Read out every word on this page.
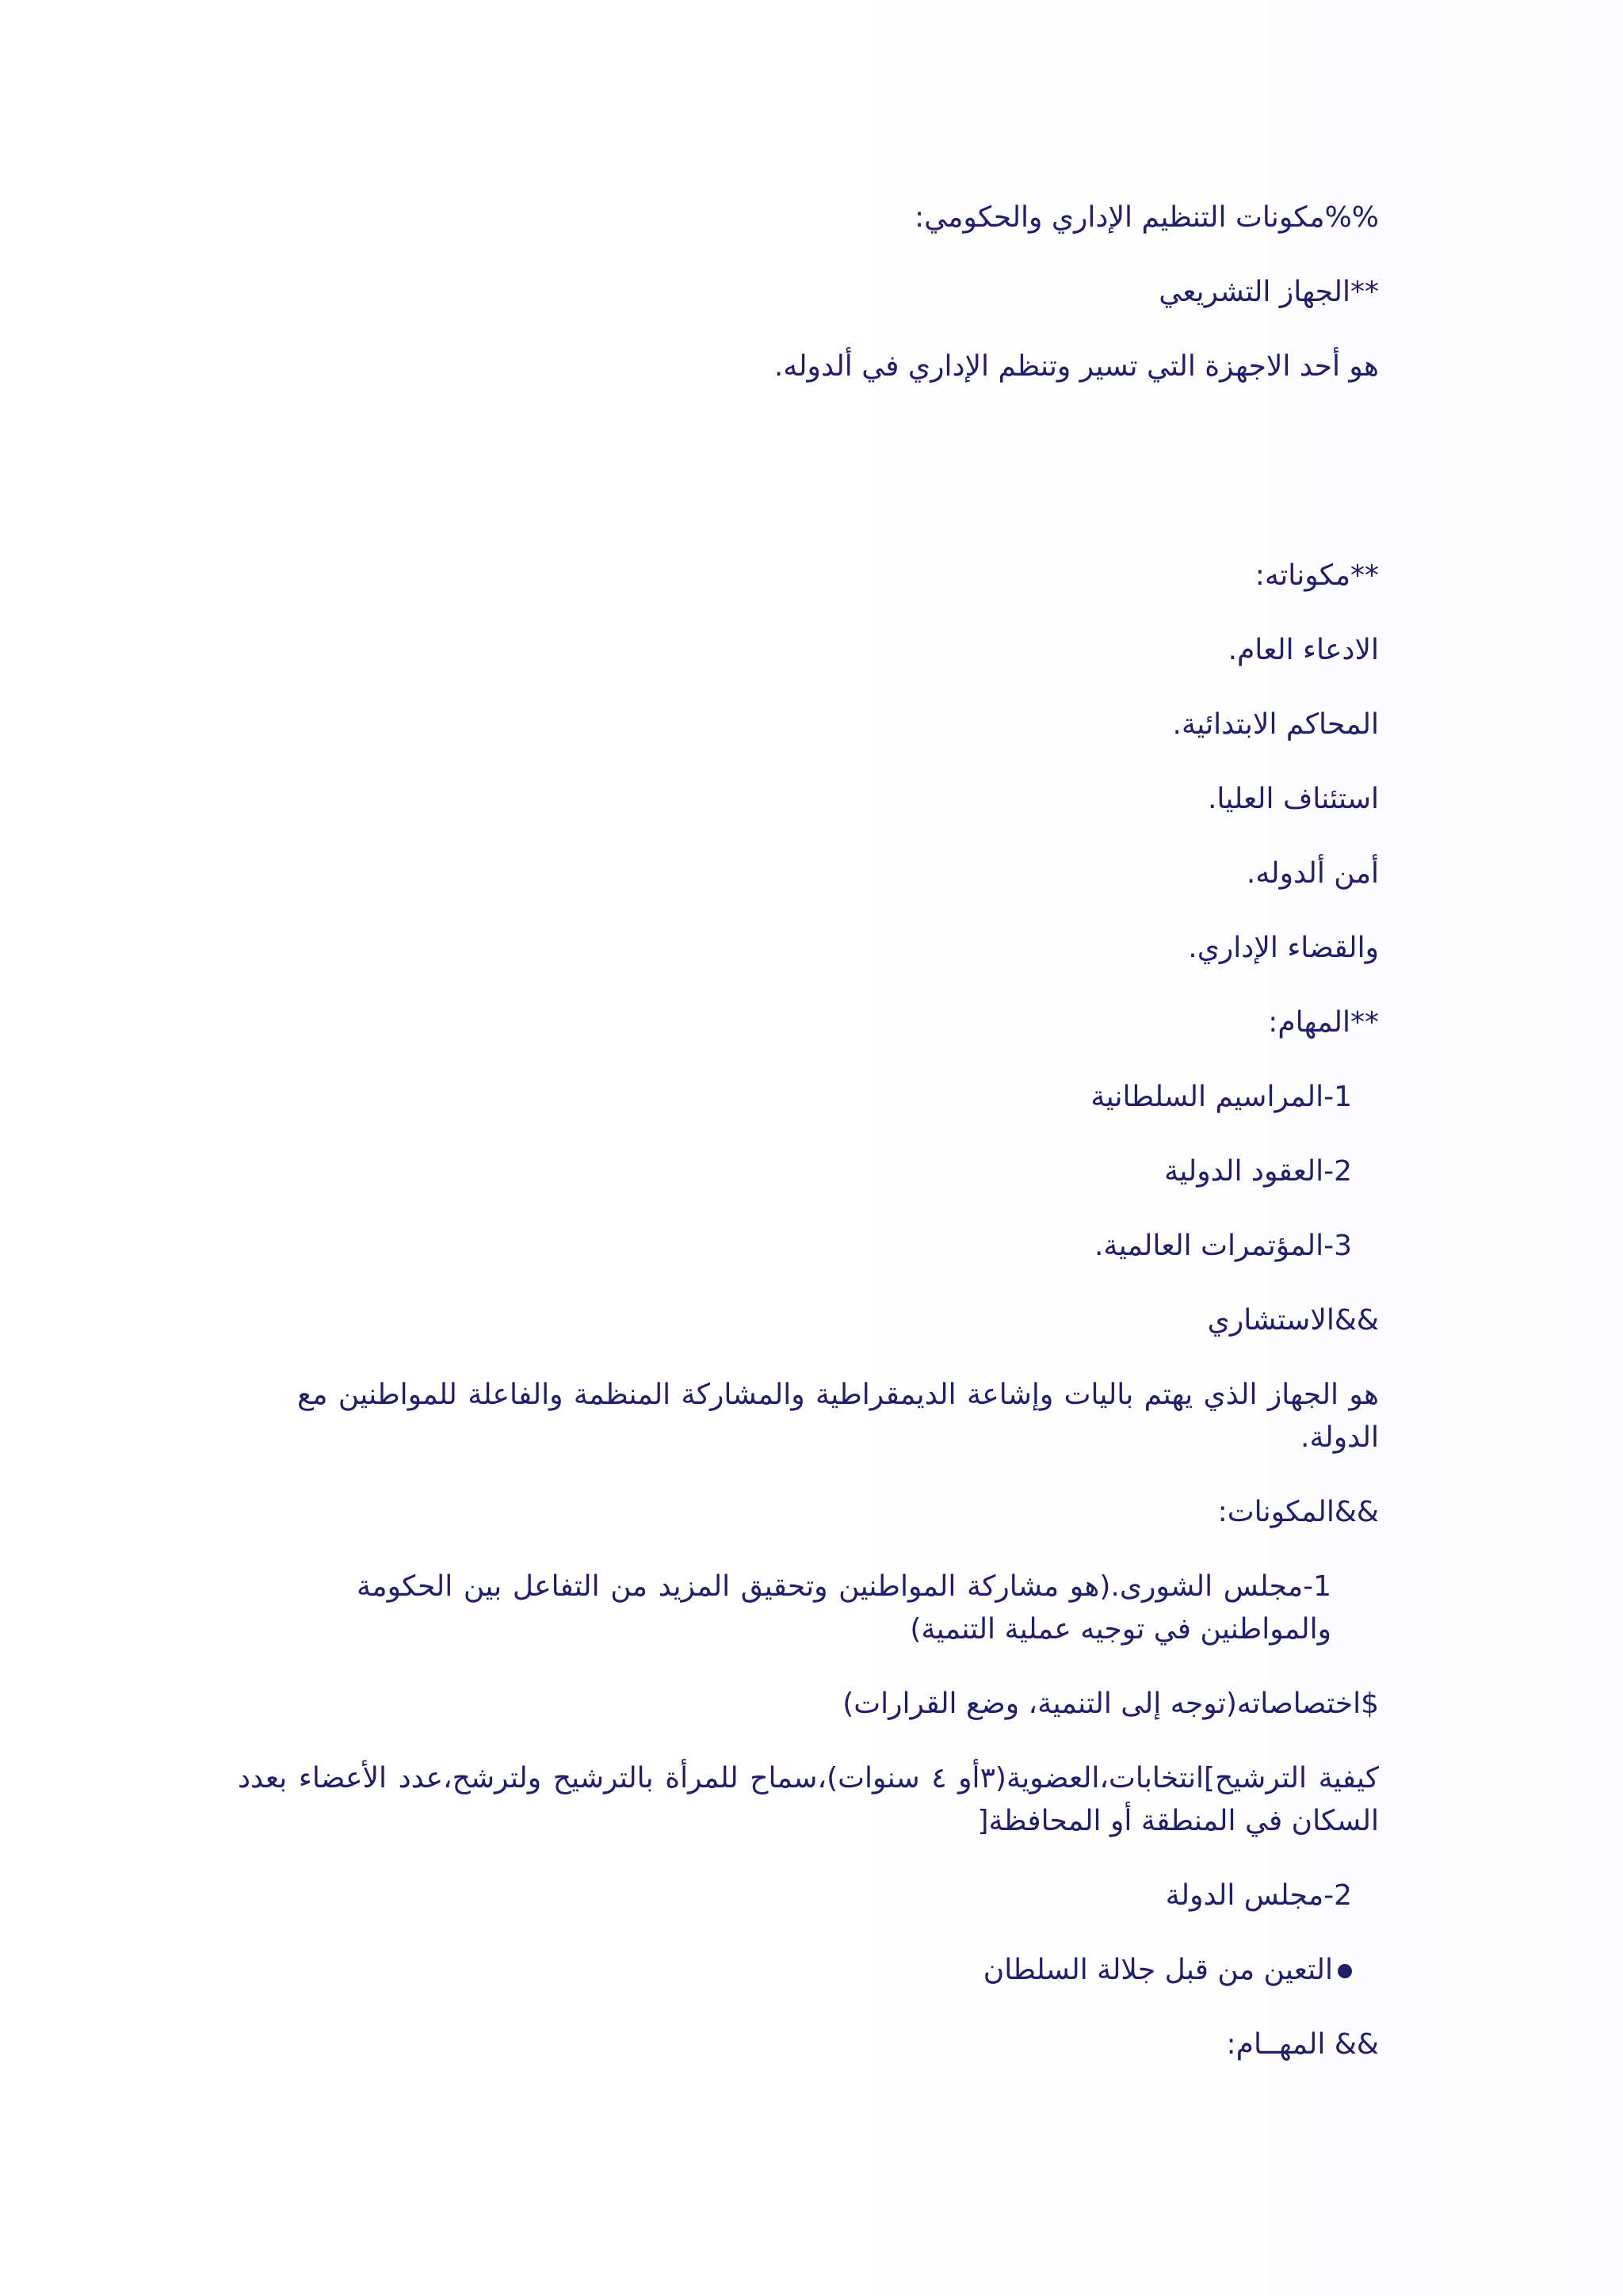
%%مكونات التنظيم الإداري والحكومي:
**الجهاز التشريعي
هو أحد الاجهزة التي تسير وتنظم الإداري في ألدوله.
**مكوناته:
الادعاء العام.
المحاكم الابتدائية.
استئناف العليا.
أمن ألدوله.
والقضاء الإداري.
**المهام:
1-المراسيم السلطانية
2-العقود الدولية
3-المؤتمرات العالمية.
&&الاستشاري
هو الجهاز الذي يهتم باليات وإشاعة الديمقراطية والمشاركة المنظمة والفاعلة للمواطنين مع الدولة.
&&المكونات:
1-مجلس الشورى.(هو مشاركة المواطنين وتحقيق المزيد من التفاعل بين الحكومة والمواطنين في توجيه عملية التنمية)
$اختصاصاته(توجه إلى التنمية، وضع القرارات)
كيفية الترشيح]انتخابات،العضوية(٣أو ٤ سنوات)،سماح للمرأة بالترشيح ولترشح،عدد الأعضاء بعدد السكان في المنطقة أو المحافظة[
2-مجلس الدولة
التعين من قبل جلالة السلطان
&& المهــام:
